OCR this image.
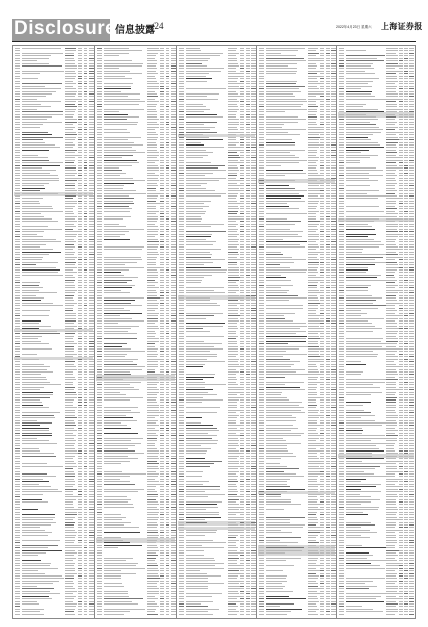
Disclosure
信息披露
/24	2022年4月23日 星期六 上海证券报
